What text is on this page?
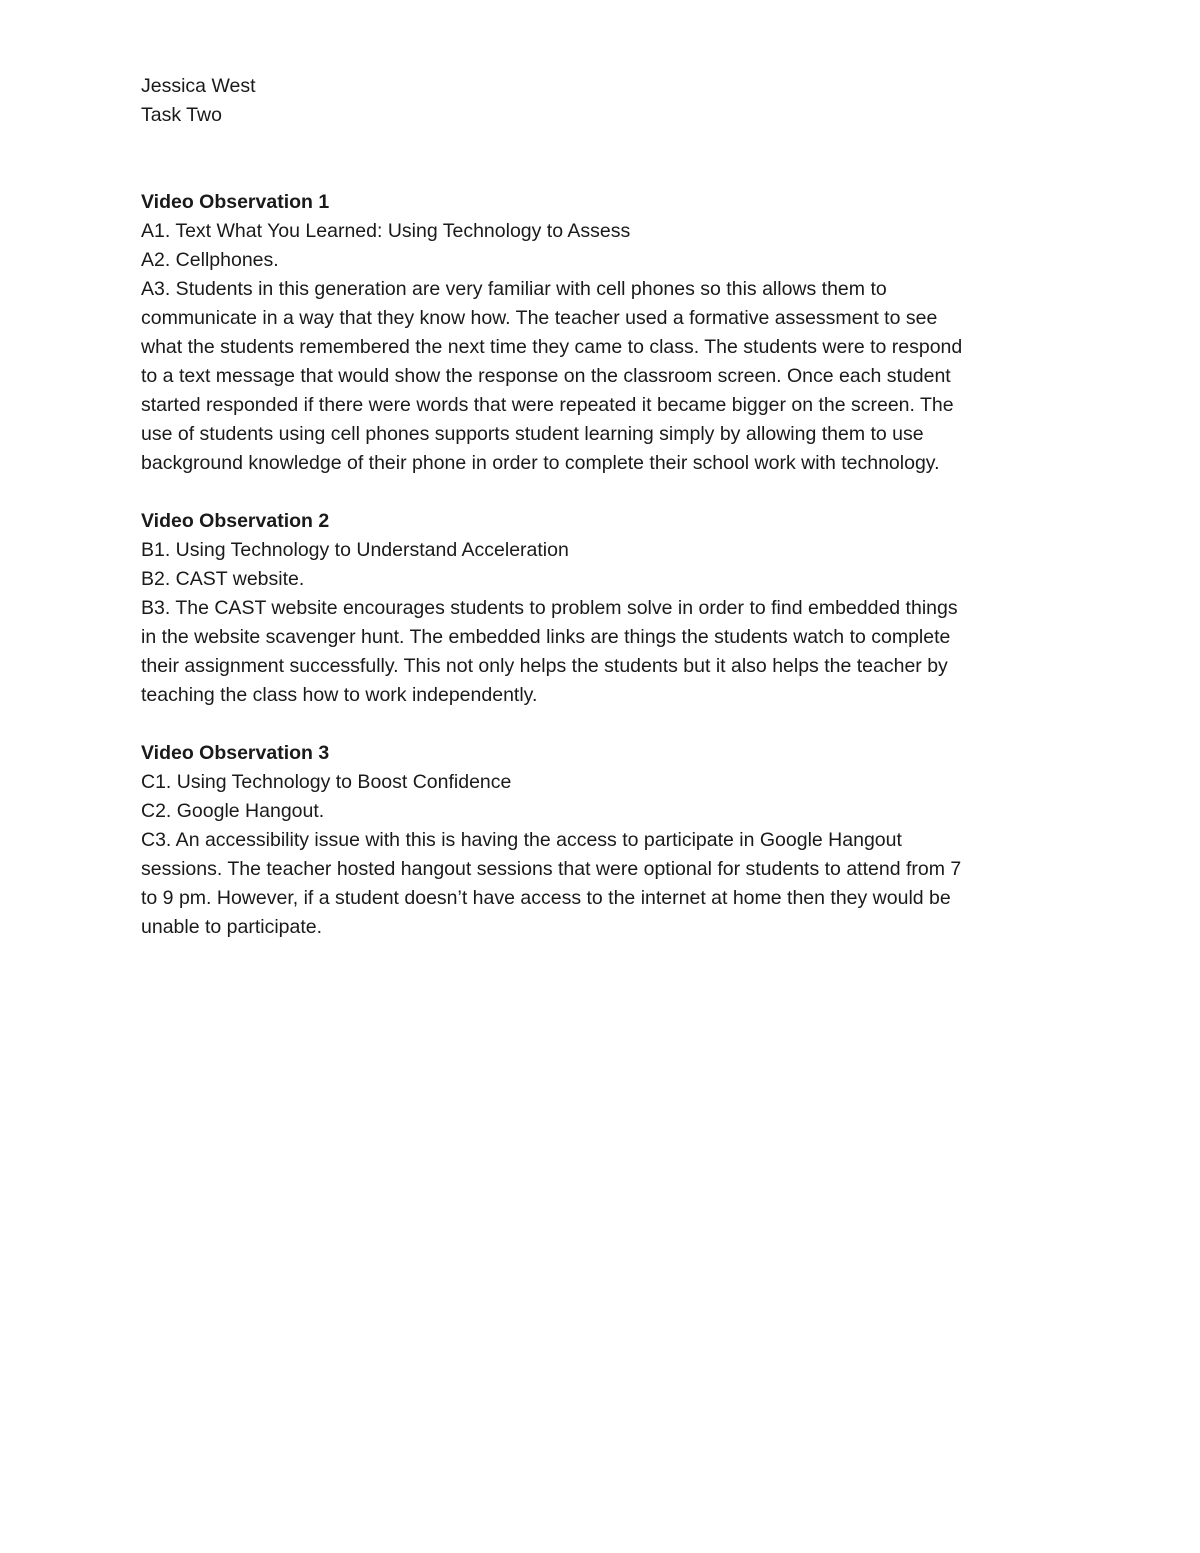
Jessica West
Task Two
Video Observation 1
A1. Text What You Learned: Using Technology to Assess
A2. Cellphones.
A3. Students in this generation are very familiar with cell phones so this allows them to
communicate in a way that they know how. The teacher used a formative assessment to see
what the students remembered the next time they came to class. The students were to respond
to a text message that would show the response on the classroom screen. Once each student
started responded if there were words that were repeated it became bigger on the screen. The
use of students using cell phones supports student learning simply by allowing them to use
background knowledge of their phone in order to complete their school work with technology.
Video Observation 2
B1. Using Technology to Understand Acceleration
B2. CAST website.
B3. The CAST website encourages students to problem solve in order to find embedded things
in the website scavenger hunt. The embedded links are things the students watch to complete
their assignment successfully. This not only helps the students but it also helps the teacher by
teaching the class how to work independently.
Video Observation 3
C1. Using Technology to Boost Confidence
C2. Google Hangout.
C3. An accessibility issue with this is having the access to participate in Google Hangout
sessions. The teacher hosted hangout sessions that were optional for students to attend from 7
to 9 pm. However, if a student doesn’t have access to the internet at home then they would be
unable to participate.
